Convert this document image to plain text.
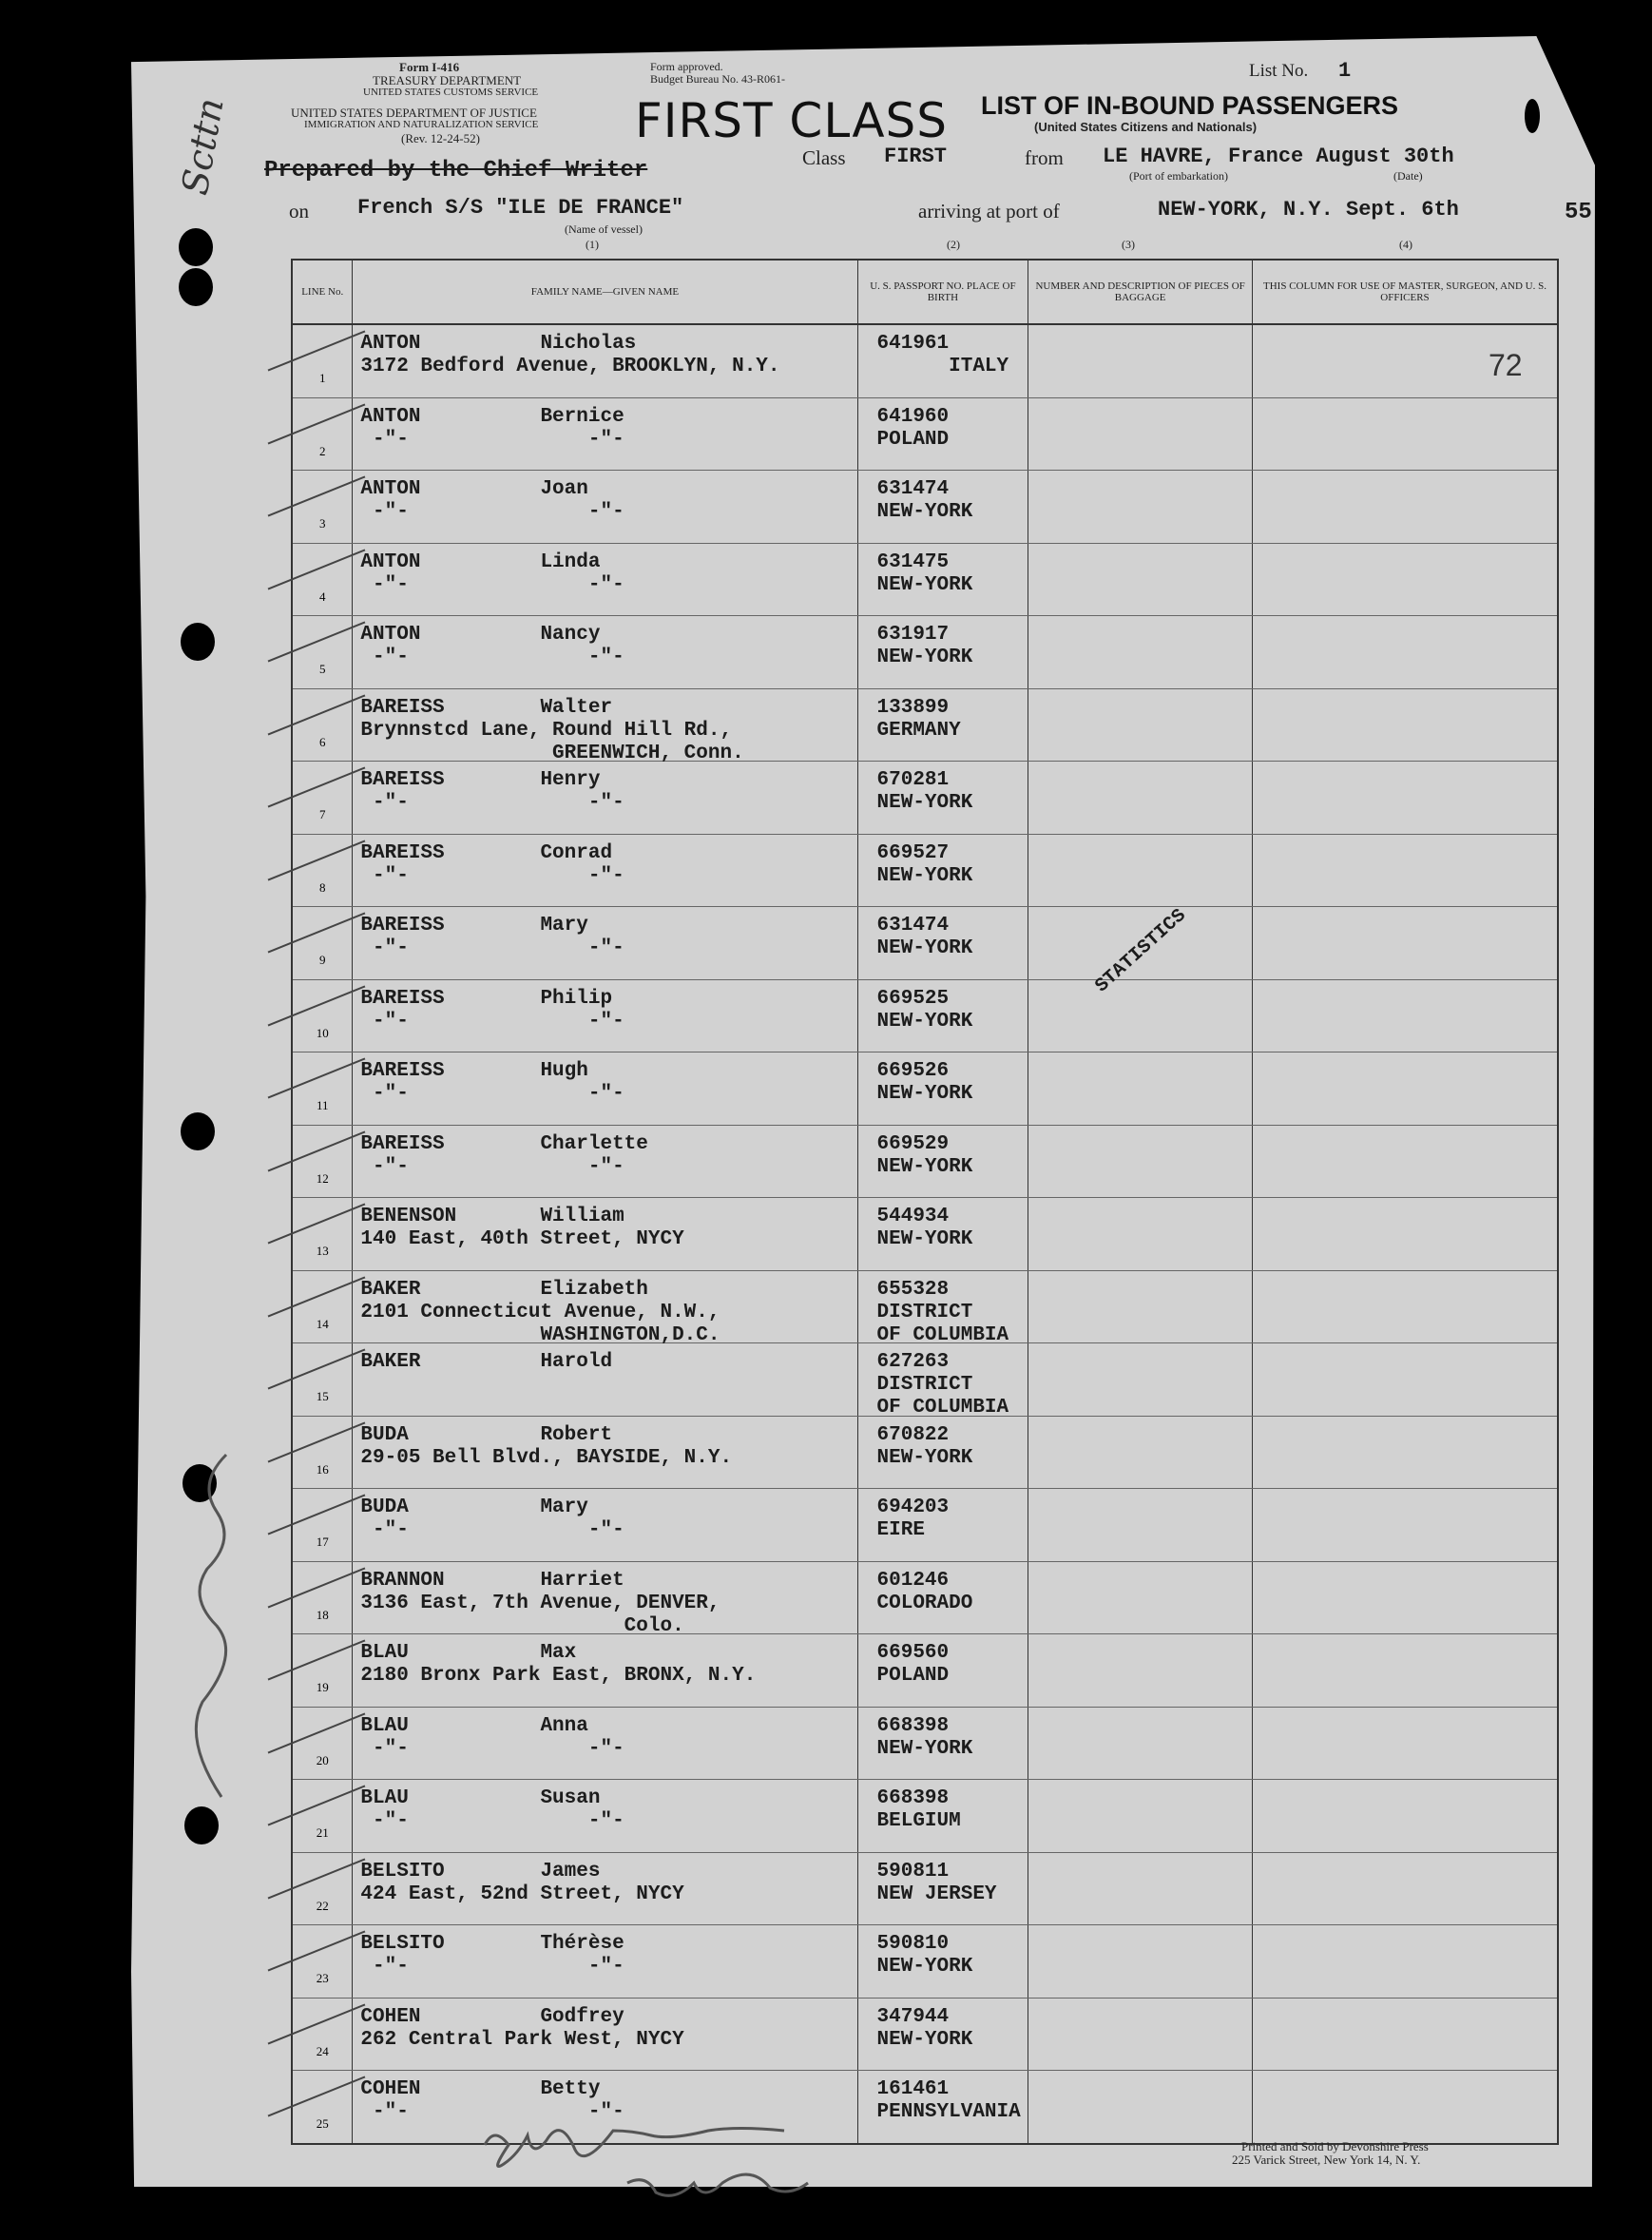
Form I-416
TREASURY DEPARTMENT
UNITED STATES CUSTOMS SERVICE
UNITED STATES DEPARTMENT OF JUSTICE
IMMIGRATION AND NATURALIZATION SERVICE
(Rev. 12-24-52)
Form approved.
Budget Bureau No. 43-R061-
FIRST CLASS LIST OF IN-BOUND PASSENGERS
(United States Citizens and Nationals)
List No. 1
Prepared by the Chief Writer	Class FIRST	from LE HAVRE, France August 30th
(Port of embarkation)	(Date)
on French S/S "ILE DE FRANCE"
(Name of vessel)
arriving at port of	NEW-YORK, N.Y. Sept. 6th	55
(1)	(2)	(3)	(4)
Scttn
LINE No.	FAMILY NAME—GIVEN NAME	U. S. PASSPORT NO. PLACE OF BIRTH	NUMBER AND DESCRIPTION OF PIECES OF BAGGAGE	THIS COLUMN FOR USE OF MASTER, SURGEON, AND U. S. OFFICERS

1	ANTON          Nicholas
3172 Bedford Avenue, BROOKLYN, N.Y.	641961
ITALY		

2	ANTON          Bernice
-"-               -"-	641960
POLAND		

3	ANTON          Joan
-"-               -"-	631474
NEW-YORK		

4	ANTON          Linda
-"-               -"-	631475
NEW-YORK		

5	ANTON          Nancy
-"-               -"-	631917
NEW-YORK		

6	BAREISS        Walter
Brynnstcd Lane, Round Hill Rd.,
GREENWICH, Conn.	133899
GERMANY		

7	BAREISS        Henry
-"-               -"-	670281
NEW-YORK		

8	BAREISS        Conrad
-"-               -"-	669527
NEW-YORK		

9	BAREISS        Mary
-"-               -"-	631474
NEW-YORK		

10	BAREISS        Philip
-"-               -"-	669525
NEW-YORK		

11	BAREISS        Hugh
-"-               -"-	669526
NEW-YORK		

12	BAREISS        Charlette
-"-               -"-	669529
NEW-YORK		

13	BENENSON       William
140 East, 40th Street, NYCY	544934
NEW-YORK		

14	BAKER          Elizabeth
2101 Connecticut Avenue, N.W.,
WASHINGTON,D.C.	655328
DISTRICT
OF COLUMBIA		

15	BAKER          Harold	627263
DISTRICT
OF COLUMBIA		

16	BUDA           Robert
29-05 Bell Blvd., BAYSIDE, N.Y.	670822
NEW-YORK		

17	BUDA           Mary
-"-               -"-	694203
EIRE		

18	BRANNON        Harriet
3136 East, 7th Avenue, DENVER,
Colo.	601246
COLORADO		

19	BLAU           Max
2180 Bronx Park East, BRONX, N.Y.	669560
POLAND		

20	BLAU           Anna
-"-               -"-	668398
NEW-YORK		

21	BLAU           Susan
-"-               -"-	668398
BELGIUM		

22	BELSITO        James
424 East, 52nd Street, NYCY	590811
NEW JERSEY		

23	BELSITO        Thérèse
-"-               -"-	590810
NEW-YORK		

24	COHEN          Godfrey
262 Central Park West, NYCY	347944
NEW-YORK		

25	COHEN          Betty
-"-               -"-	161461
PENNSYLVANIA		

72
STATISTICS
Printed and Sold by Devonshire Press
225 Varick Street, New York 14, N. Y.
